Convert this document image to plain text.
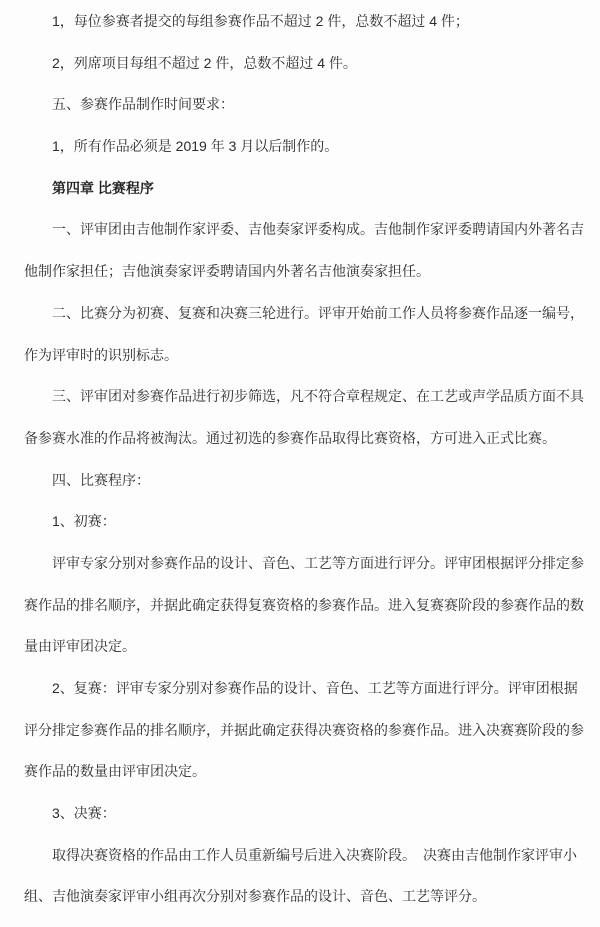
1，每位参赛者提交的每组参赛作品不超过 2 件，总数不超过 4 件；
2，列席项目每组不超过 2 件，总数不超过 4 件。
五、参赛作品制作时间要求：
1，所有作品必须是 2019 年 3 月以后制作的。
第四章 比赛程序
一、评审团由吉他制作家评委、吉他奏家评委构成。吉他制作家评委聘请国内外著名吉
他制作家担任；吉他演奏家评委聘请国内外著名吉他演奏家担任。
二、比赛分为初赛、复赛和决赛三轮进行。评审开始前工作人员将参赛作品逐一编号，
作为评审时的识别标志。
三、评审团对参赛作品进行初步筛选，凡不符合章程规定、在工艺或声学品质方面不具
备参赛水准的作品将被淘汰。通过初选的参赛作品取得比赛资格，方可进入正式比赛。
四、比赛程序：
1、初赛：
评审专家分别对参赛作品的设计、音色、工艺等方面进行评分。评审团根据评分排定参
赛作品的排名顺序，并据此确定获得复赛资格的参赛作品。进入复赛赛阶段的参赛作品的数
量由评审团决定。
2、复赛：评审专家分别对参赛作品的设计、音色、工艺等方面进行评分。评审团根据
评分排定参赛作品的排名顺序，并据此确定获得决赛资格的参赛作品。进入决赛赛阶段的参
赛作品的数量由评审团决定。
3、决赛：
取得决赛资格的作品由工作人员重新编号后进入决赛阶段。　决赛由吉他制作家评审小
组、吉他演奏家评审小组再次分别对参赛作品的设计、音色、工艺等评分。
